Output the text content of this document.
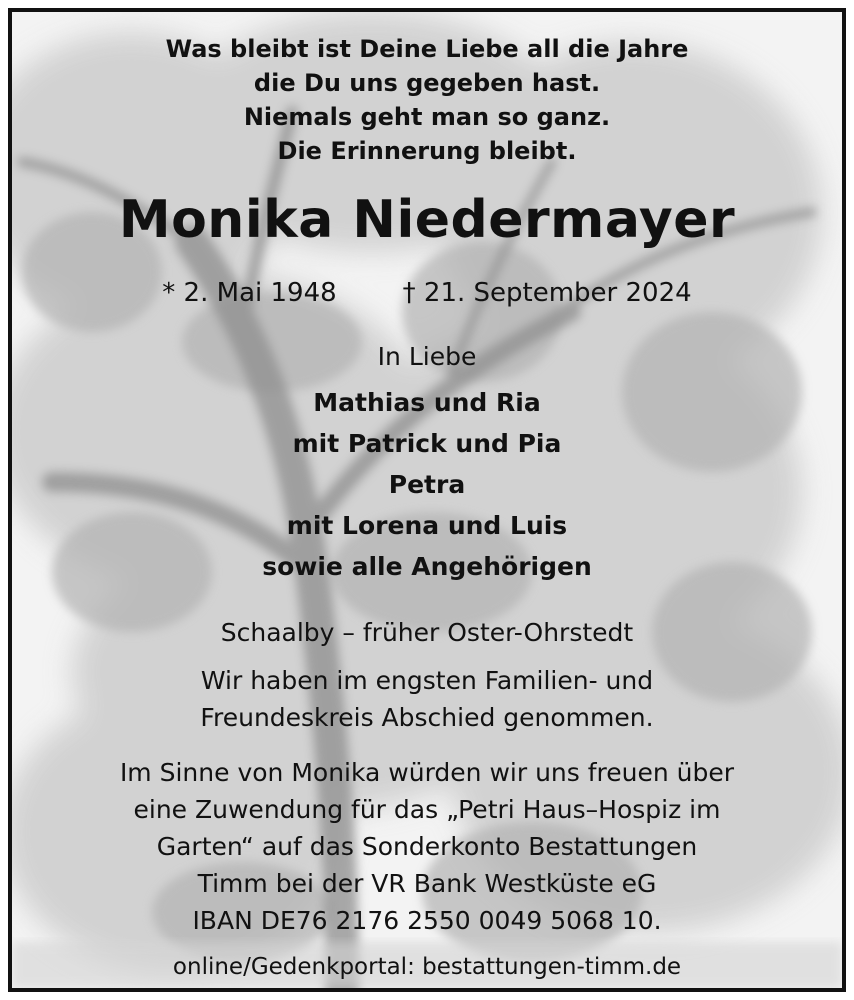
Was bleibt ist Deine Liebe all die Jahre
die Du uns gegeben hast.
Niemals geht man so ganz.
Die Erinnerung bleibt.
Monika Niedermayer
* 2. Mai 1948	† 21. September 2024
In Liebe
Mathias und Ria
mit Patrick und Pia
Petra
mit Lorena und Luis
sowie alle Angehörigen
Schaalby – früher Oster-Ohrstedt
Wir haben im engsten Familien- und
Freundeskreis Abschied genommen.
Im Sinne von Monika würden wir uns freuen über
eine Zuwendung für das „Petri Haus–Hospiz im
Garten“ auf das Sonderkonto Bestattungen
Timm bei der VR Bank Westküste eG
IBAN DE76 2176 2550 0049 5068 10.
online/Gedenkportal: bestattungen-timm.de
